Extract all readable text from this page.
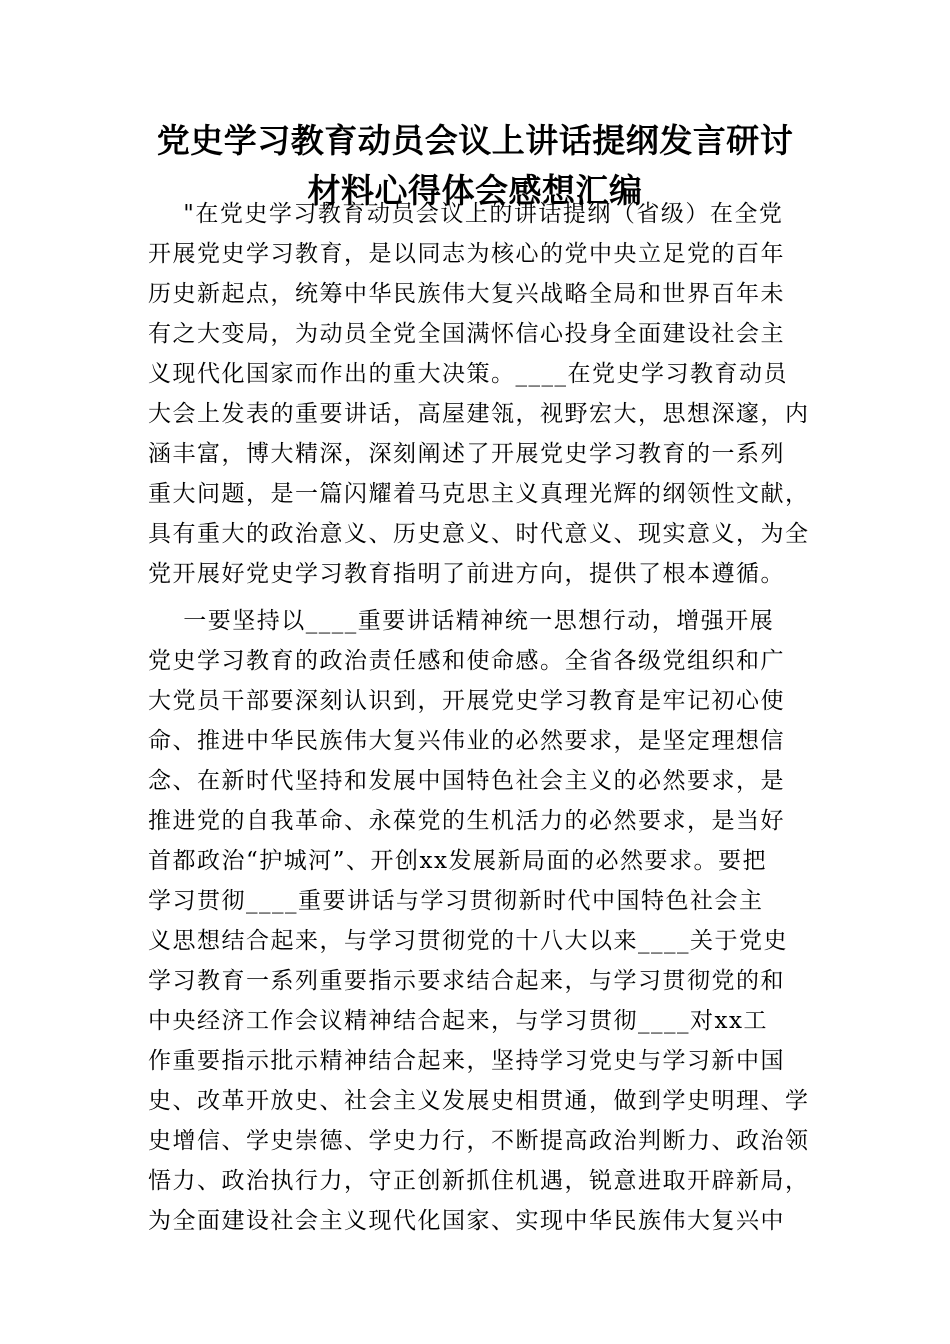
党史学习教育动员会议上讲话提纲发言研讨
材料心得体会感想汇编

"在党史学习教育动员会议上的讲话提纲（省级）在全党
开展党史学习教育，是以同志为核心的党中央立足党的百年
历史新起点，统筹中华民族伟大复兴战略全局和世界百年未
有之大变局，为动员全党全国满怀信心投身全面建设社会主
义现代化国家而作出的重大决策。____在党史学习教育动员
大会上发表的重要讲话，高屋建瓴，视野宏大，思想深邃，内
涵丰富，博大精深，深刻阐述了开展党史学习教育的一系列
重大问题，是一篇闪耀着马克思主义真理光辉的纲领性文献，
具有重大的政治意义、历史意义、时代意义、现实意义，为全
党开展好党史学习教育指明了前进方向，提供了根本遵循。

一要坚持以____重要讲话精神统一思想行动，增强开展
党史学习教育的政治责任感和使命感。全省各级党组织和广
大党员干部要深刻认识到，开展党史学习教育是牢记初心使
命、推进中华民族伟大复兴伟业的必然要求，是坚定理想信
念、在新时代坚持和发展中国特色社会主义的必然要求，是
推进党的自我革命、永葆党的生机活力的必然要求，是当好
首都政治“护城河”、开创xx发展新局面的必然要求。要把
学习贯彻____重要讲话与学习贯彻新时代中国特色社会主
义思想结合起来，与学习贯彻党的十八大以来____关于党史
学习教育一系列重要指示要求结合起来，与学习贯彻党的和
中央经济工作会议精神结合起来，与学习贯彻____对xx工
作重要指示批示精神结合起来，坚持学习党史与学习新中国
史、改革开放史、社会主义发展史相贯通，做到学史明理、学
史增信、学史崇德、学史力行，不断提高政治判断力、政治领
悟力、政治执行力，守正创新抓住机遇，锐意进取开辟新局，
为全面建设社会主义现代化国家、实现中华民族伟大复兴中
